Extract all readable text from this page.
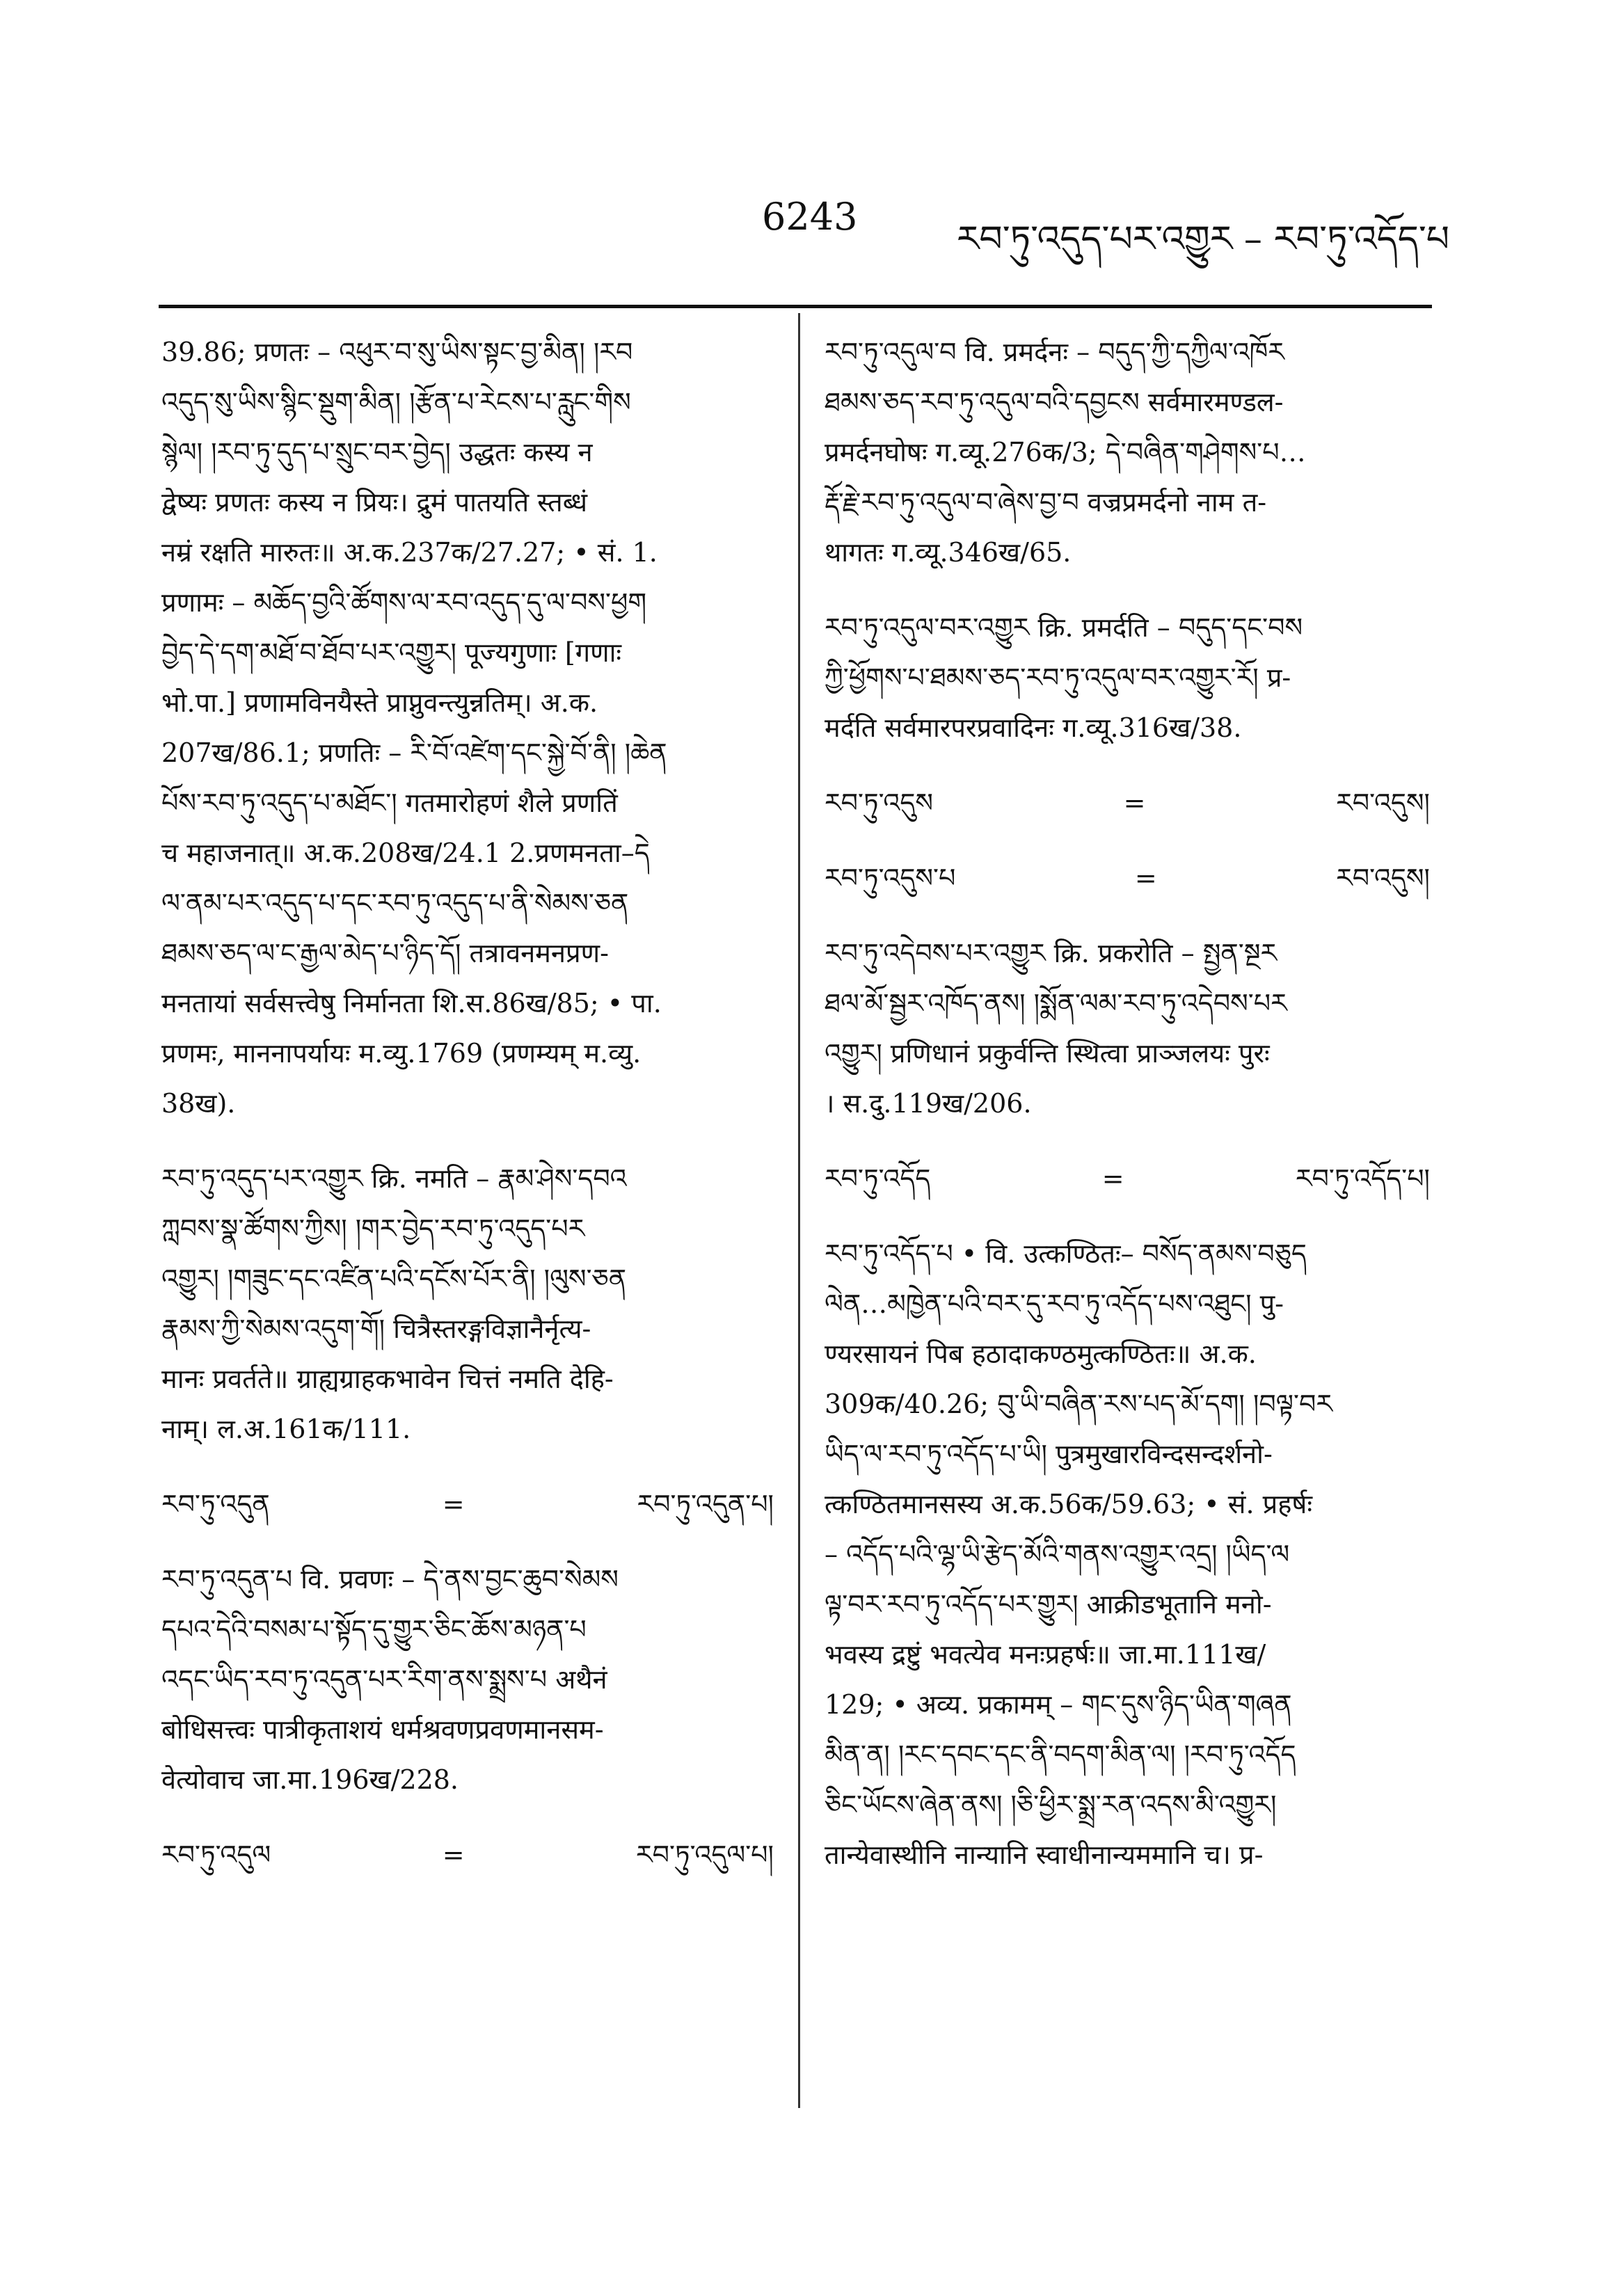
6243
རབ་ཏུ་འདུད་པར་འགྱུར – རབ་ཏུ་འདོད་པ
39.86; प्रणतः – འཕུར་བ་སུ་ཡིས་སྟང་བྱ་མིན། །རབ
འདུད་སུ་ཡིས་སྙིང་སྡུག་མིན། །རྩོན་པ་རེངས་པ་རླུང་གིས
སྙེལ། །རབ་ཏུ་དུད་པ་སྲུང་བར་བྱེད། उद्धतः कस्य न
द्वेष्यः प्रणतः कस्य न प्रियः। द्रुमं पातयति स्तब्धं
नम्रं रक्षति मारुतः॥ अ.क.237क/27.27; • सं. 1.
प्रणामः – མཆོད་བྱའི་ཚོགས་ལ་རབ་འདུད་དུ་ལ་བས་ཕྱག
བྱེད་དེ་དག་མཐོ་བ་ཐོབ་པར་འགྱུར། पूज्यगुणाः [गणाः
भो.पा.] प्रणामविनयैस्ते प्राप्नुवन्त्युन्नतिम्। अ.क.
207ख/86.1; प्रणतिः – རི་བོ་འཛེག་དང་སྐྱེ་བོ་ནི། །ཆེན
པོས་རབ་ཏུ་འདུད་པ་མཐོང་། गतमारोहणं शैले प्रणतिं
च महाजनात्॥ अ.क.208ख/24.1 2.प्रणमनता–དེ
ལ་ནམ་པར་འདུད་པ་དང་རབ་ཏུ་འདུད་པ་ནི་སེམས་ཅན
ཐམས་ཅད་ལ་ང་རྒྱལ་མེད་པ་ཉིད་དོ། तत्रावनमनप्रण-
मनतायां सर्वसत्त्वेषु निर्मानता शि.स.86ख/85; • पा.
प्रणमः, माननापर्यायः म.व्यु.1769 (प्रणम्यम् म.व्यु.
38ख).
རབ་ཏུ་འདུད་པར་འགྱུར क्रि. नमति – རྣམ་ཤེས་དབའ
ཀླབས་སྣ་ཚོགས་ཀྱིས། །གར་བྱེད་རབ་ཏུ་འདུད་པར
འགྱུར། །གཟུང་དང་འཛིན་པའི་དངོས་པོར་ནི། །ལུས་ཅན
རྣམས་ཀྱི་སེམས་འདུག་གོ། चित्रैस्तरङ्गविज्ञानैर्नृत्य-
मानः प्रवर्तते॥ ग्राह्यग्राहकभावेन चित्तं नमति देहि-
नाम्। ल.अ.161क/111.
རབ་ཏུ་འདུན	=	རབ་ཏུ་འདུན་པ།
རབ་ཏུ་འདུན་པ वि. प्रवणः – དེ་ནས་བྱང་ཆུབ་སེམས
དཔའ་དེའི་བསམ་པ་སྟོད་དུ་གྱུར་ཅིང་ཆོས་མཉན་པ
འདང་ཡིད་རབ་ཏུ་འདུན་པར་རིག་ནས་སྨྲས་པ अथैनं
बोधिसत्त्वः पात्रीकृताशयं धर्मश्रवणप्रवणमानसम-
वेत्योवाच जा.मा.196ख/228.
རབ་ཏུ་འདུལ	=	རབ་ཏུ་འདུལ་པ།
རབ་ཏུ་འདུལ་བ वि. प्रमर्दनः – བདུད་ཀྱི་དཀྱིལ་འཁོར
ཐམས་ཅད་རབ་ཏུ་འདུལ་བའི་དབྱངས सर्वमारमण्डल-
प्रमर्दनघोषः ग.व्यू.276क/3; དེ་བཞིན་གཤེགས་པ…
རྡོ་རྗེ་རབ་ཏུ་འདུལ་བ་ཞེས་བྱ་བ वज्रप्रमर्दनो नाम त-
थागतः ग.व्यू.346ख/65.
རབ་ཏུ་འདུལ་བར་འགྱུར क्रि. प्रमर्दति – བདུད་དང་བས
ཀྱི་ཕྱོགས་པ་ཐམས་ཅད་རབ་ཏུ་འདུལ་བར་འགྱུར་རོ། प्र-
मर्दति सर्वमारपरप्रवादिनः ग.व्यू.316ख/38.
རབ་ཏུ་འདུས	=	རབ་འདུས།
རབ་ཏུ་འདུས་པ	=	རབ་འདུས།
རབ་ཏུ་འདེབས་པར་འགྱུར क्रि. प्रकरोति – སྤྱན་སྔར
ཐལ་མོ་སྦྱར་འཁོད་ནས། །སྨོན་ལམ་རབ་ཏུ་འདེབས་པར
འགྱུར། प्रणिधानं प्रकुर्वन्ति स्थित्वा प्राञ्जलयः पुरः
। स.दु.119ख/206.
རབ་ཏུ་འདོད	=	རབ་ཏུ་འདོད་པ།
རབ་ཏུ་འདོད་པ • वि. उत्कण्ठितः– བསོད་ནམས་བཅུད
ལེན…མཁྱེན་པའི་བར་དུ་རབ་ཏུ་འདོད་པས་འཐུང། पु-
ण्यरसायनं पिब हठादाकण्ठमुत्कण्ठितः॥ अ.क.
309क/40.26; བུ་ཡི་བཞིན་རས་པད་མོ་དག། །བལྟ་བར
ཡིད་ལ་རབ་ཏུ་འདོད་པ་ཡི། पुत्रमुखारविन्दसन्दर्शनो-
त्कण्ठितमानसस्य अ.क.56क/59.63; • सं. प्रहर्षः
– འདོད་པའི་ལྷ་ཡི་རྩེད་མོའི་གནས་འགྱུར་འདྲ། །ཡིད་ལ
ལྟ་བར་རབ་ཏུ་འདོད་པར་གྱུར། आक्रीडभूतानि मनो-
भवस्य द्रष्टुं भवत्येव मनःप्रहर्षः॥ जा.मा.111ख/
129; • अव्य. प्रकामम् – གང་དུས་ཉིད་ཡིན་གཞན
མིན་ན། །རང་དབང་དང་ནི་བདག་མིན་ལ། །རབ་ཏུ་འདོད
ཅིང་ཡོངས་ཞེན་ནས། །ཅི་ཕྱིར་སྨྲ་རན་འདས་མི་འགྱུར།
तान्येवास्थीनि नान्यानि स्वाधीनान्यममानि च। प्र-
